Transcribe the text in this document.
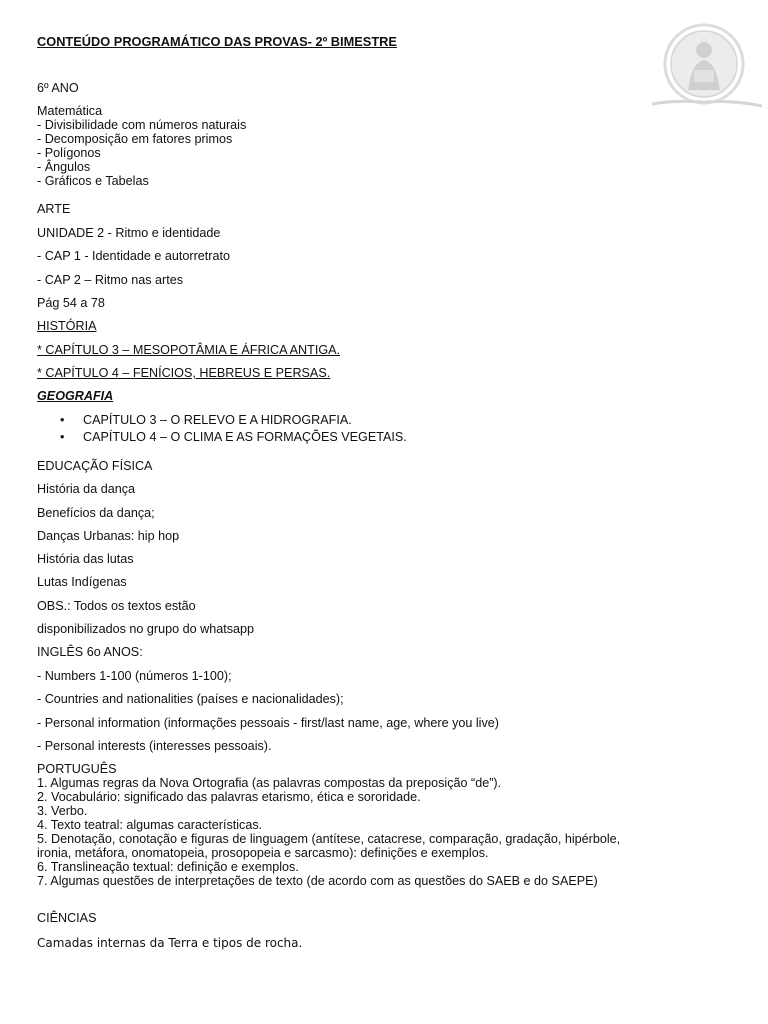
CONTEÚDO PROGRAMÁTICO DAS PROVAS- 2º BIMESTRE

6º ANO

Matemática

- Divisibilidade com números naturais
- Decomposição em fatores primos
- Polígonos
- Ângulos
- Gráficos e Tabelas

ARTE

UNIDADE 2 - Ritmo e identidade

- CAP 1 - Identidade e autorretrato

- CAP 2 – Ritmo nas artes

Pág 54 a 78

HISTÓRIA

* CAPÍTULO 3 – MESOPOTÂMIA E ÁFRICA ANTIGA.

* CAPÍTULO 4 – FENÍCIOS, HEBREUS E PERSAS.

GEOGRAFIA

• CAPÍTULO 3 – O RELEVO E A HIDROGRAFIA.
• CAPÍTULO 4 – O CLIMA E AS FORMAÇÕES VEGETAIS.

EDUCAÇÃO FÍSICA

História da dança

Benefícios da dança;

Danças Urbanas: hip hop

História das lutas

Lutas Indígenas

OBS.: Todos os textos estão

disponibilizados no grupo do whatsapp

INGLÊS 6o ANOS:

- Numbers 1-100 (números 1-100);

- Countries and nationalities (países e nacionalidades);

- Personal information (informações pessoais - first/last name, age, where you live)

- Personal interests (interesses pessoais).

PORTUGUÊS

1. Algumas regras da Nova Ortografia (as palavras compostas da preposição “de”).
2. Vocabulário: significado das palavras etarismo, ética e sororidade.
3. Verbo.
4. Texto teatral: algumas características.
5. Denotação, conotação e figuras de linguagem (antítese, catacrese, comparação, gradação, hipérbole,
ironia, metáfora, onomatopeia, prosopopeia e sarcasmo): definições e exemplos.
6. Translineação textual: definição e exemplos.
7. Algumas questões de interpretações de texto (de acordo com as questões do SAEB e do SAEPE)

CIÊNCIAS

Camadas internas da Terra e tipos de rocha.
